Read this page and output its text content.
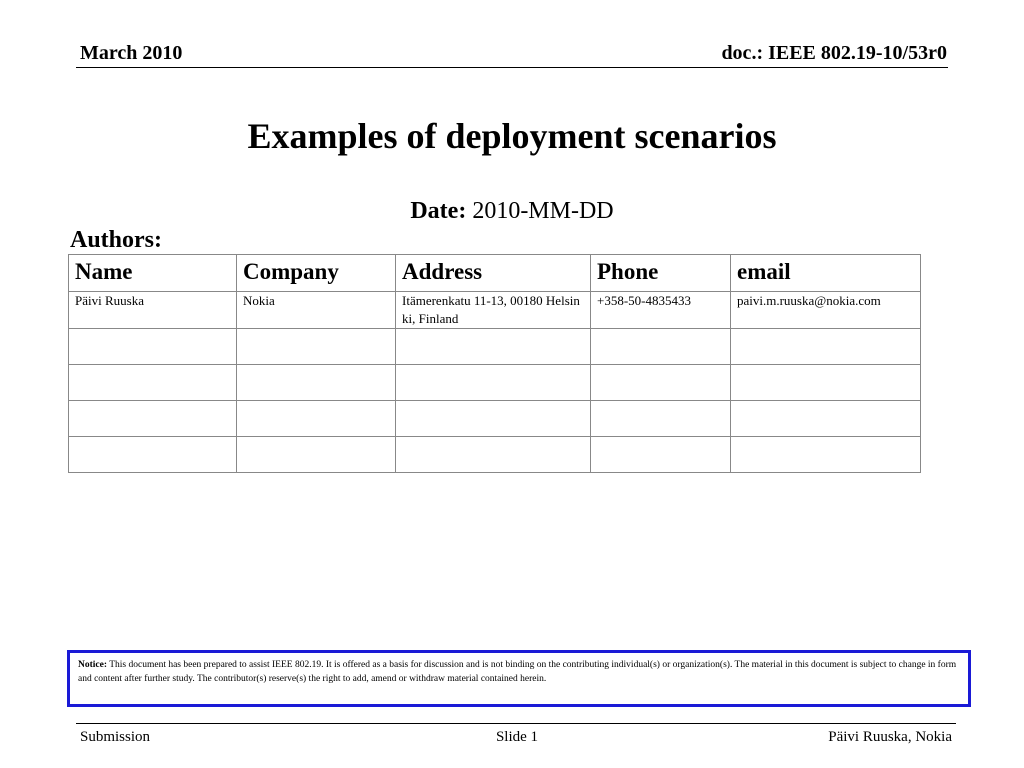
March 2010	doc.: IEEE 802.19-10/53r0
Examples of deployment scenarios
Date: 2010-MM-DD
Authors:
Name	Company	Address	Phone	email
Päivi Ruuska	Nokia	Itämerenkatu 11-13, 00180 Helsinki, Finland	+358-50-4835433	paivi.m.ruuska@nokia.com

Notice: This document has been prepared to assist IEEE 802.19. It is offered as a basis for discussion and is not binding on the contributing individual(s) or organization(s). The material in this document is subject to change in form and content after further study. The contributor(s) reserve(s) the right to add, amend or withdraw material contained herein.
Submission	Slide 1	Päivi Ruuska, Nokia
